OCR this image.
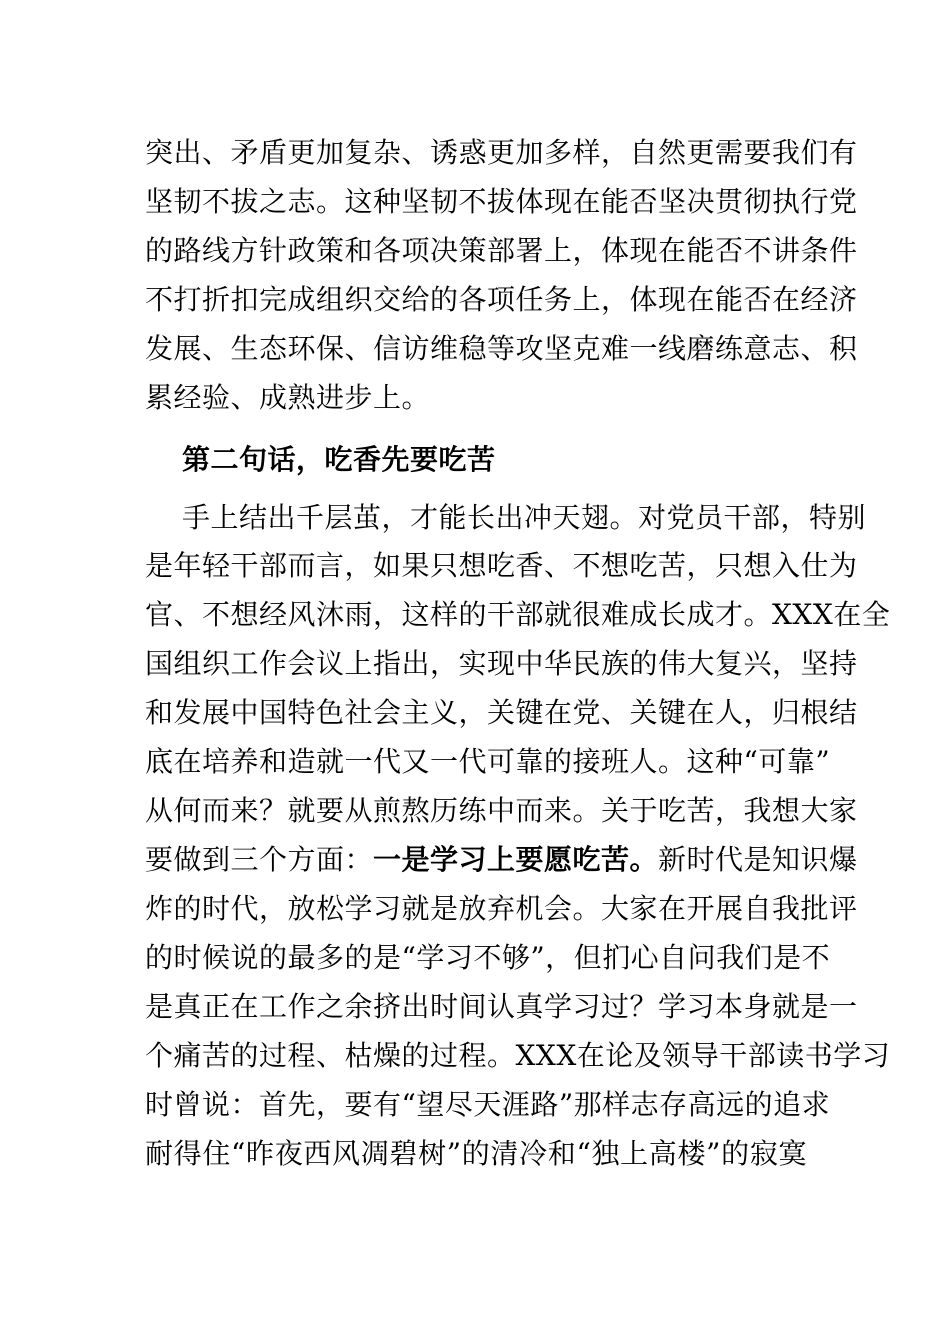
突出、矛盾更加复杂、诱惑更加多样，自然更需要我们有
坚韧不拔之志。这种坚韧不拔体现在能否坚决贯彻执行党
的路线方针政策和各项决策部署上，体现在能否不讲条件
不打折扣完成组织交给的各项任务上，体现在能否在经济
发展、生态环保、信访维稳等攻坚克难一线磨练意志、积
累经验、成熟进步上。
第二句话，吃香先要吃苦
手上结出千层茧，才能长出冲天翅。对党员干部，特别
是年轻干部而言，如果只想吃香、不想吃苦，只想入仕为
官、不想经风沐雨，这样的干部就很难成长成才。XXX在全
国组织工作会议上指出，实现中华民族的伟大复兴，坚持
和发展中国特色社会主义，关键在党、关键在人，归根结
底在培养和造就一代又一代可靠的接班人。这种“可靠”
从何而来？就要从煎熬历练中而来。关于吃苦，我想大家
要做到三个方面：一是学习上要愿吃苦。新时代是知识爆
炸的时代，放松学习就是放弃机会。大家在开展自我批评
的时候说的最多的是“学习不够”，但扪心自问我们是不
是真正在工作之余挤出时间认真学习过？学习本身就是一
个痛苦的过程、枯燥的过程。XXX在论及领导干部读书学习
时曾说：首先，要有“望尽天涯路”那样志存高远的追求
耐得住“昨夜西风凋碧树”的清冷和“独上高楼”的寂寞
